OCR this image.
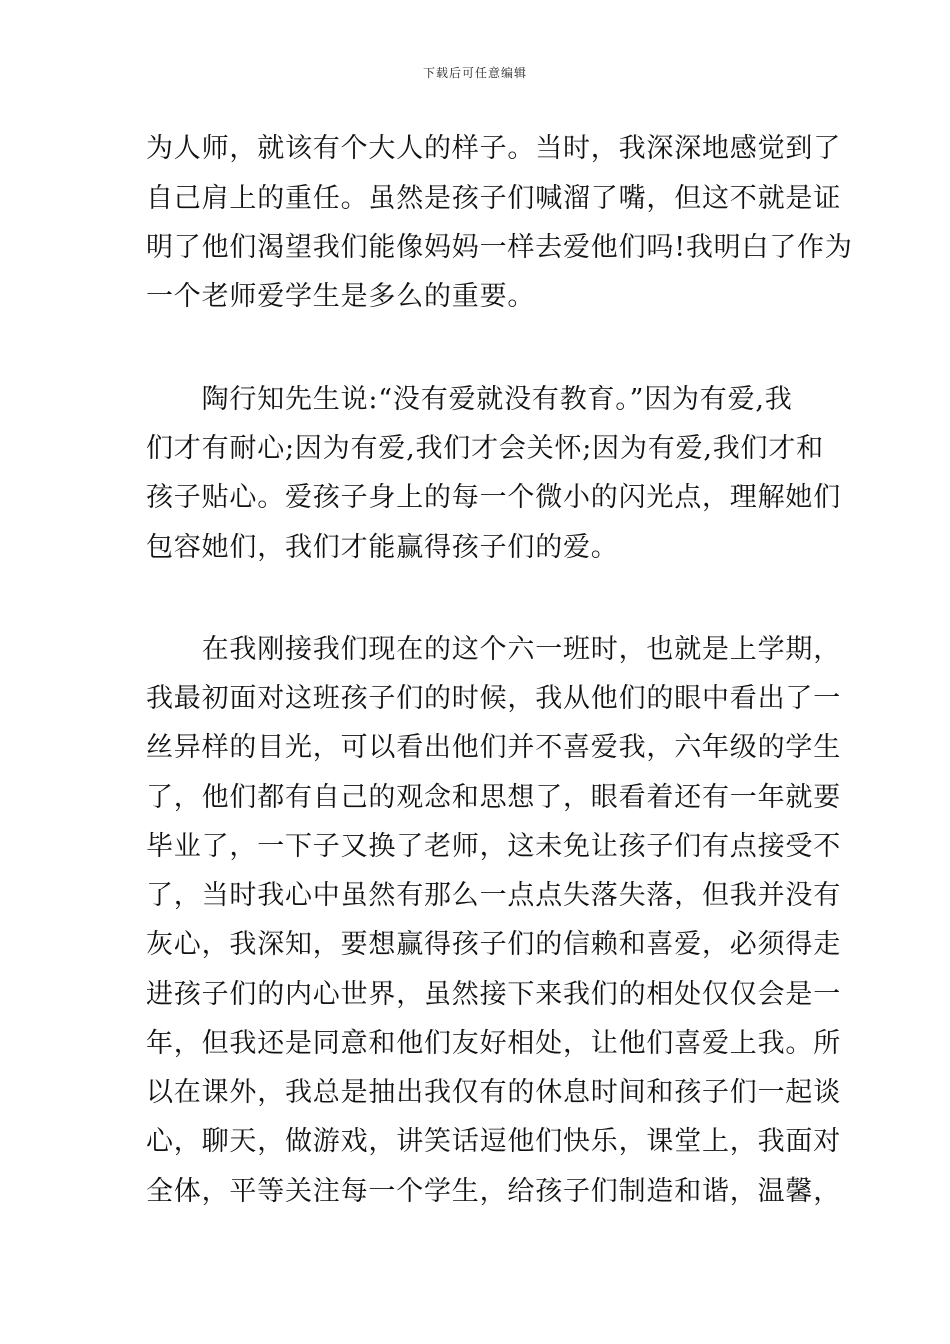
下载后可任意编辑
为人师，就该有个大人的样子。当时，我深深地感觉到了
自己肩上的重任。虽然是孩子们喊溜了嘴，但这不就是证
明了他们渴望我们能像妈妈一样去爱他们吗!我明白了作为
一个老师爱学生是多么的重要。
　　陶行知先生说:“没有爱就没有教育。”因为有爱,我
们才有耐心;因为有爱,我们才会关怀;因为有爱,我们才和
孩子贴心。爱孩子身上的每一个微小的闪光点，理解她们
包容她们，我们才能赢得孩子们的爱。
　　在我刚接我们现在的这个六一班时，也就是上学期，
我最初面对这班孩子们的时候，我从他们的眼中看出了一
丝异样的目光，可以看出他们并不喜爱我，六年级的学生
了，他们都有自己的观念和思想了，眼看着还有一年就要
毕业了，一下子又换了老师，这未免让孩子们有点接受不
了，当时我心中虽然有那么一点点失落失落，但我并没有
灰心，我深知，要想赢得孩子们的信赖和喜爱，必须得走
进孩子们的内心世界，虽然接下来我们的相处仅仅会是一
年，但我还是同意和他们友好相处，让他们喜爱上我。所
以在课外，我总是抽出我仅有的休息时间和孩子们一起谈
心，聊天，做游戏，讲笑话逗他们快乐，课堂上，我面对
全体，平等关注每一个学生，给孩子们制造和谐，温馨，
